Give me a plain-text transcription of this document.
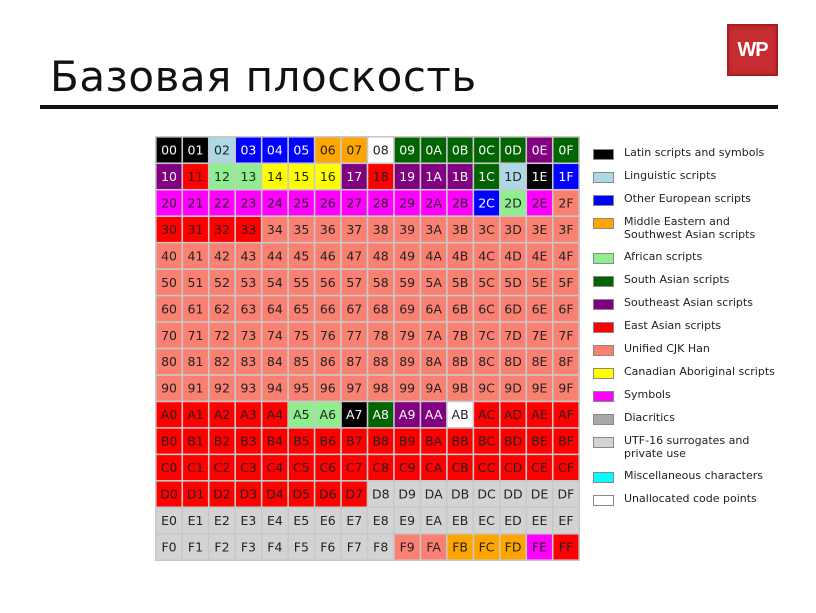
Базовая плоскость
WP
00 01 02 03 04 05 06 07 08 09 0A 0B 0C 0D 0E 0F
10 11 12 13 14 15 16 17 18 19 1A 1B 1C 1D 1E 1F
20 21 22 23 24 25 26 27 28 29 2A 2B 2C 2D 2E 2F
30 31 32 33 34 35 36 37 38 39 3A 3B 3C 3D 3E 3F
40 41 42 43 44 45 46 47 48 49 4A 4B 4C 4D 4E 4F
50 51 52 53 54 55 56 57 58 59 5A 5B 5C 5D 5E 5F
60 61 62 63 64 65 66 67 68 69 6A 6B 6C 6D 6E 6F
70 71 72 73 74 75 76 77 78 79 7A 7B 7C 7D 7E 7F
80 81 82 83 84 85 86 87 88 89 8A 8B 8C 8D 8E 8F
90 91 92 93 94 95 96 97 98 99 9A 9B 9C 9D 9E 9F
A0 A1 A2 A3 A4 A5 A6 A7 A8 A9 AA AB AC AD AE AF
B0 B1 B2 B3 B4 B5 B6 B7 B8 B9 BA BB BC BD BE BF
C0 C1 C2 C3 C4 C5 C6 C7 C8 C9 CA CB CC CD CE CF
D0 D1 D2 D3 D4 D5 D6 D7 D8 D9 DA DB DC DD DE DF
E0 E1 E2 E3 E4 E5 E6 E7 E8 E9 EA EB EC ED EE EF
F0 F1 F2 F3 F4 F5 F6 F7 F8 F9 FA FB FC FD FE FF
Latin scripts and symbols
Linguistic scripts
Other European scripts
Middle Eastern and Southwest Asian scripts
African scripts
South Asian scripts
Southeast Asian scripts
East Asian scripts
Unified CJK Han
Canadian Aboriginal scripts
Symbols
Diacritics
UTF-16 surrogates and private use
Miscellaneous characters
Unallocated code points
